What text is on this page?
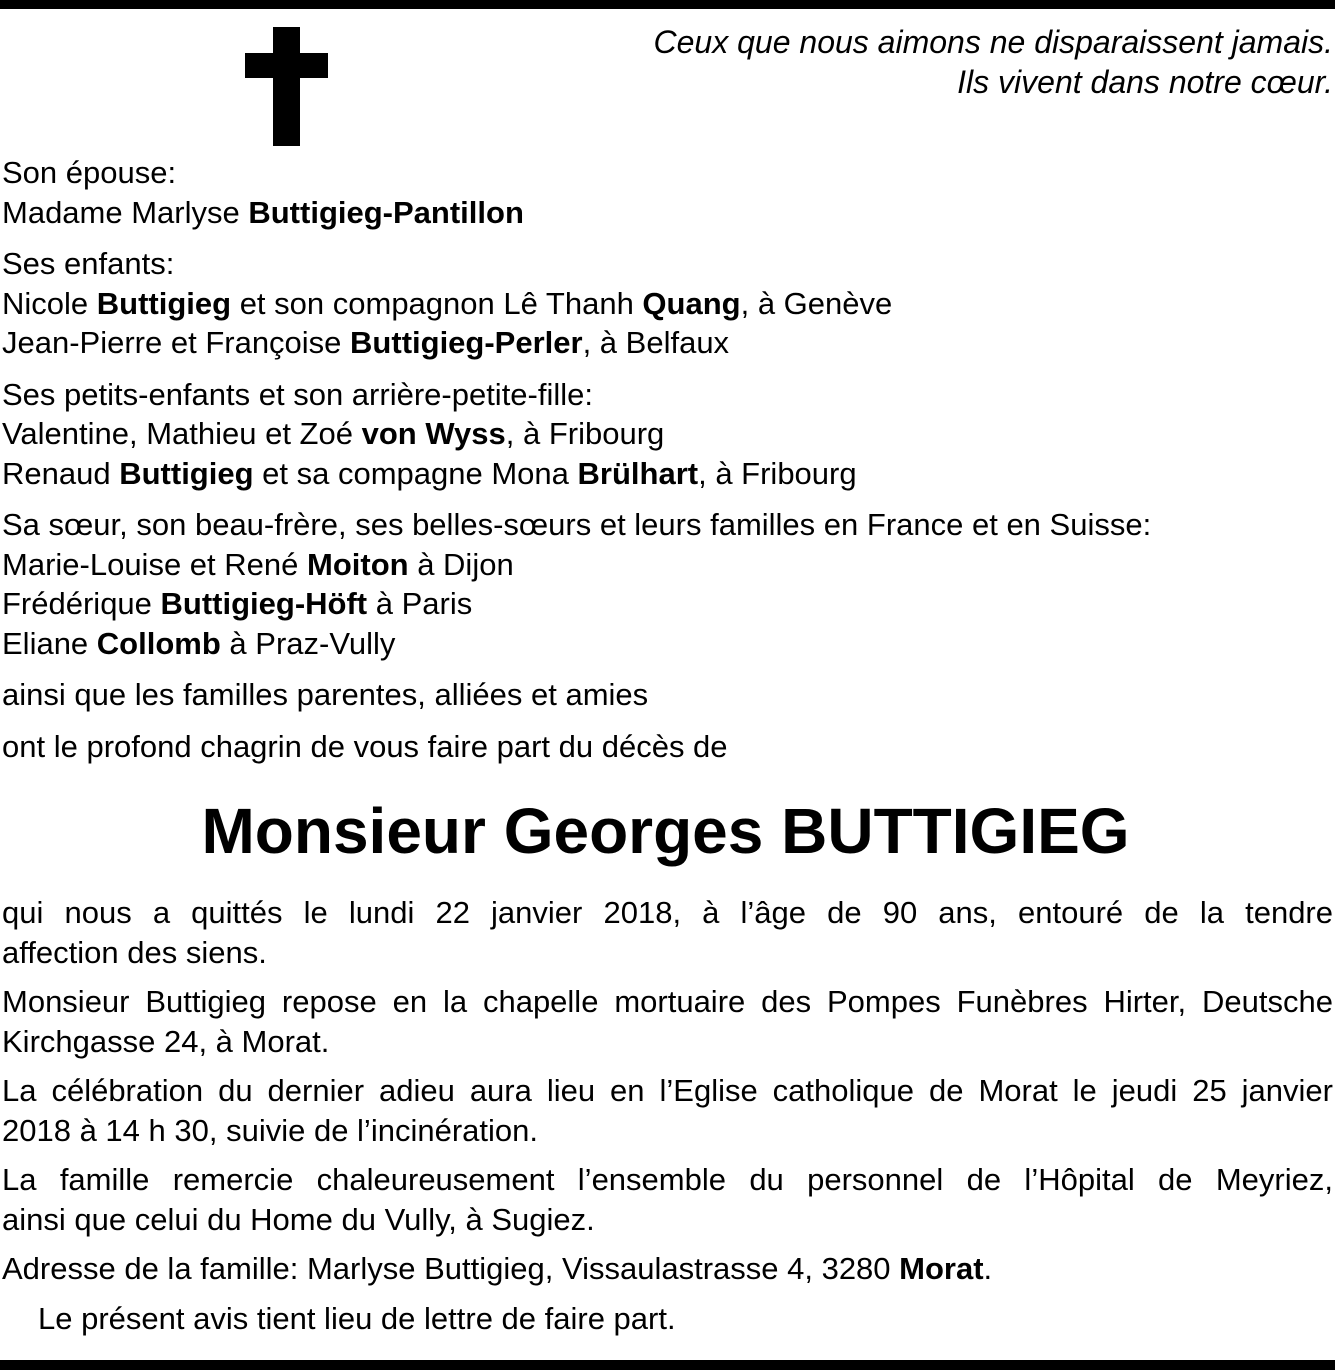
Ceux que nous aimons ne disparaissent jamais.
Ils vivent dans notre cœur.
Son épouse:
Madame Marlyse Buttigieg-Pantillon
Ses enfants:
Nicole Buttigieg et son compagnon Lê Thanh Quang, à Genève
Jean-Pierre et Françoise Buttigieg-Perler, à Belfaux
Ses petits-enfants et son arrière-petite-fille:
Valentine, Mathieu et Zoé von Wyss, à Fribourg
Renaud Buttigieg et sa compagne Mona Brülhart, à Fribourg
Sa sœur, son beau-frère, ses belles-sœurs et leurs familles en France et en Suisse:
Marie-Louise et René Moiton à Dijon
Frédérique Buttigieg-Höft à Paris
Eliane Collomb à Praz-Vully
ainsi que les familles parentes, alliées et amies
ont le profond chagrin de vous faire part du décès de
Monsieur Georges BUTTIGIEG
qui nous a quittés le lundi 22 janvier 2018, à l’âge de 90 ans, entouré de la tendre
affection des siens.
Monsieur Buttigieg repose en la chapelle mortuaire des Pompes Funèbres Hirter, Deutsche
Kirchgasse 24, à Morat.
La célébration du dernier adieu aura lieu en l’Eglise catholique de Morat le jeudi 25 janvier
2018 à 14 h 30, suivie de l’incinération.
La famille remercie chaleureusement l’ensemble du personnel de l’Hôpital de Meyriez,
ainsi que celui du Home du Vully, à Sugiez.
Adresse de la famille: Marlyse Buttigieg, Vissaulastrasse 4, 3280 Morat.
Le présent avis tient lieu de lettre de faire part.
